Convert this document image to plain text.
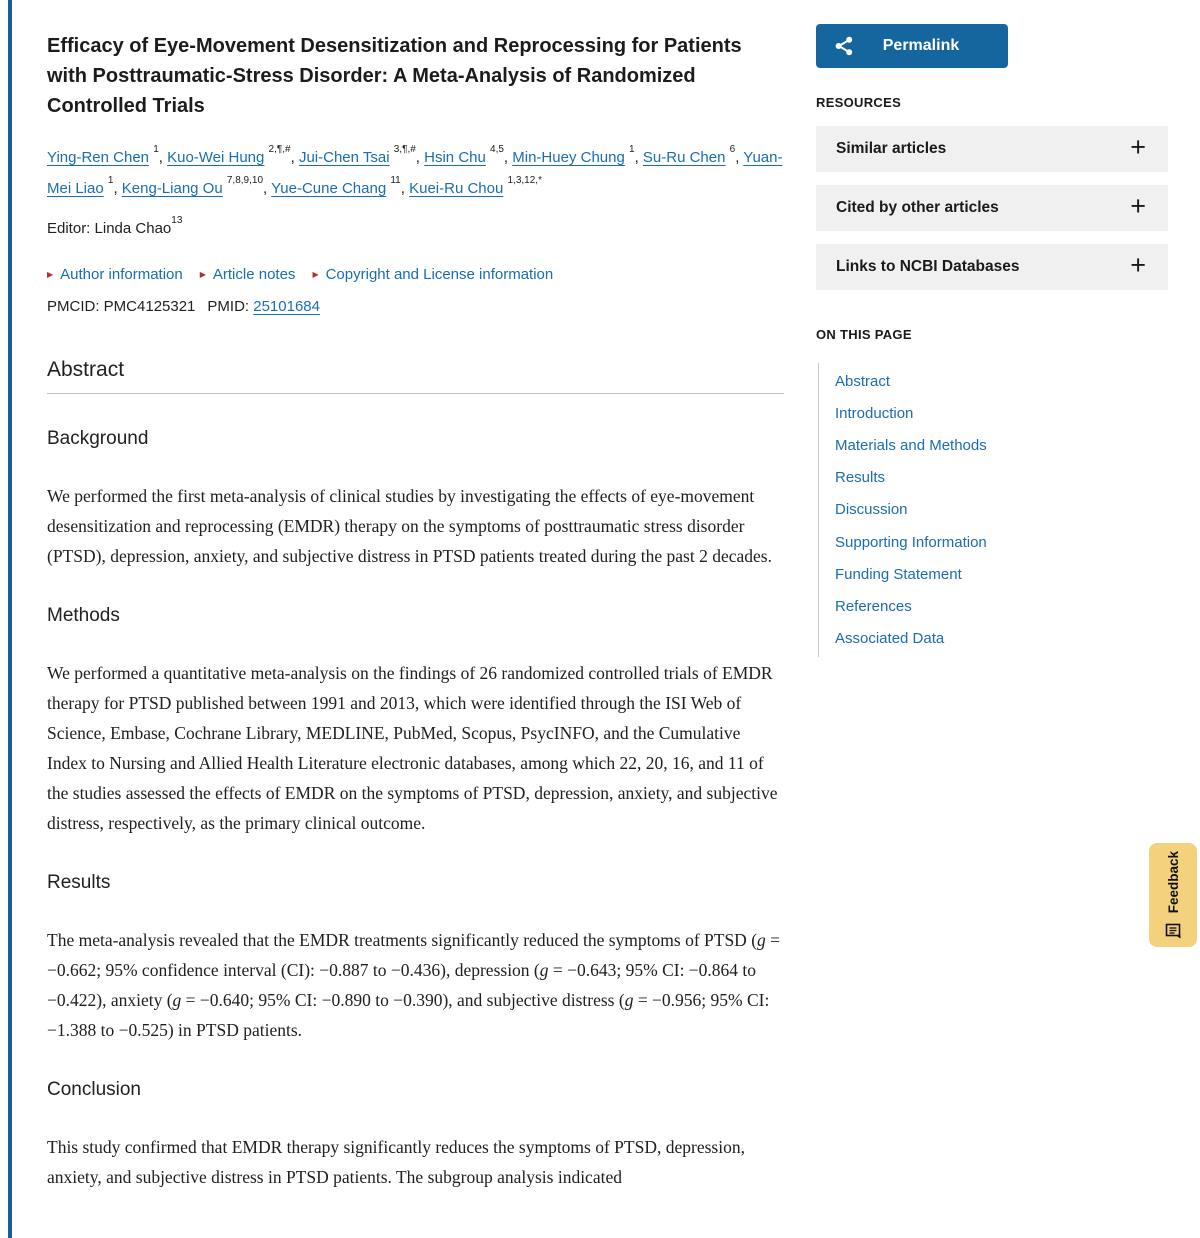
Efficacy of Eye-Movement Desensitization and Reprocessing for Patients with Posttraumatic-Stress Disorder: A Meta-Analysis of Randomized Controlled Trials

Ying-Ren Chen $^1$, Kuo-Wei Hung $^{2,\P,\#}$, Jui-Chen Tsai $^{3,\P,\#}$, Hsin Chu $^{4,5}$, Min-Huey Chung $^1$, Su-Ru Chen $^6$, Yuan-Mei Liao $^1$, Keng-Liang Ou $^{7,8,9,10}$, Yue-Cune Chang $^{11}$, Kuei-Ru Chou $^{1,3,12,*}$

Editor: Linda Chao$^{13}$

▶ Author information ▶ Article notes ▶ Copyright and License information

PMCID: PMC4125321 PMID: 25101684

Abstract
Background

We performed the first meta-analysis of clinical studies by investigating the effects of eye-movement desensitization and reprocessing (EMDR) therapy on the symptoms of posttraumatic stress disorder (PTSD), depression, anxiety, and subjective distress in PTSD patients treated during the past 2 decades.

Methods

We performed a quantitative meta-analysis on the findings of 26 randomized controlled trials of EMDR therapy for PTSD published between 1991 and 2013, which were identified through the ISI Web of Science, Embase, Cochrane Library, MEDLINE, PubMed, Scopus, PsycINFO, and the Cumulative Index to Nursing and Allied Health Literature electronic databases, among which 22, 20, 16, and 11 of the studies assessed the effects of EMDR on the symptoms of PTSD, depression, anxiety, and subjective distress, respectively, as the primary clinical outcome.

Results

The meta-analysis revealed that the EMDR treatments significantly reduced the symptoms of PTSD (g = −0.662; 95% confidence interval (CI): −0.887 to −0.436), depression (g = −0.643; 95% CI: −0.864 to −0.422), anxiety (g = −0.640; 95% CI: −0.890 to −0.390), and subjective distress (g = −0.956; 95% CI: −1.388 to −0.525) in PTSD patients.

Conclusion

This study confirmed that EMDR therapy significantly reduces the symptoms of PTSD, depression, anxiety, and subjective distress in PTSD patients. The subgroup analysis indicated

Permalink
RESOURCES
Similar articles	+
Cited by other articles	+
Links to NCBI Databases	+
ON THIS PAGE
Abstract
Introduction
Materials and Methods
Results
Discussion
Supporting Information
Funding Statement
References
Associated Data
Feedback
